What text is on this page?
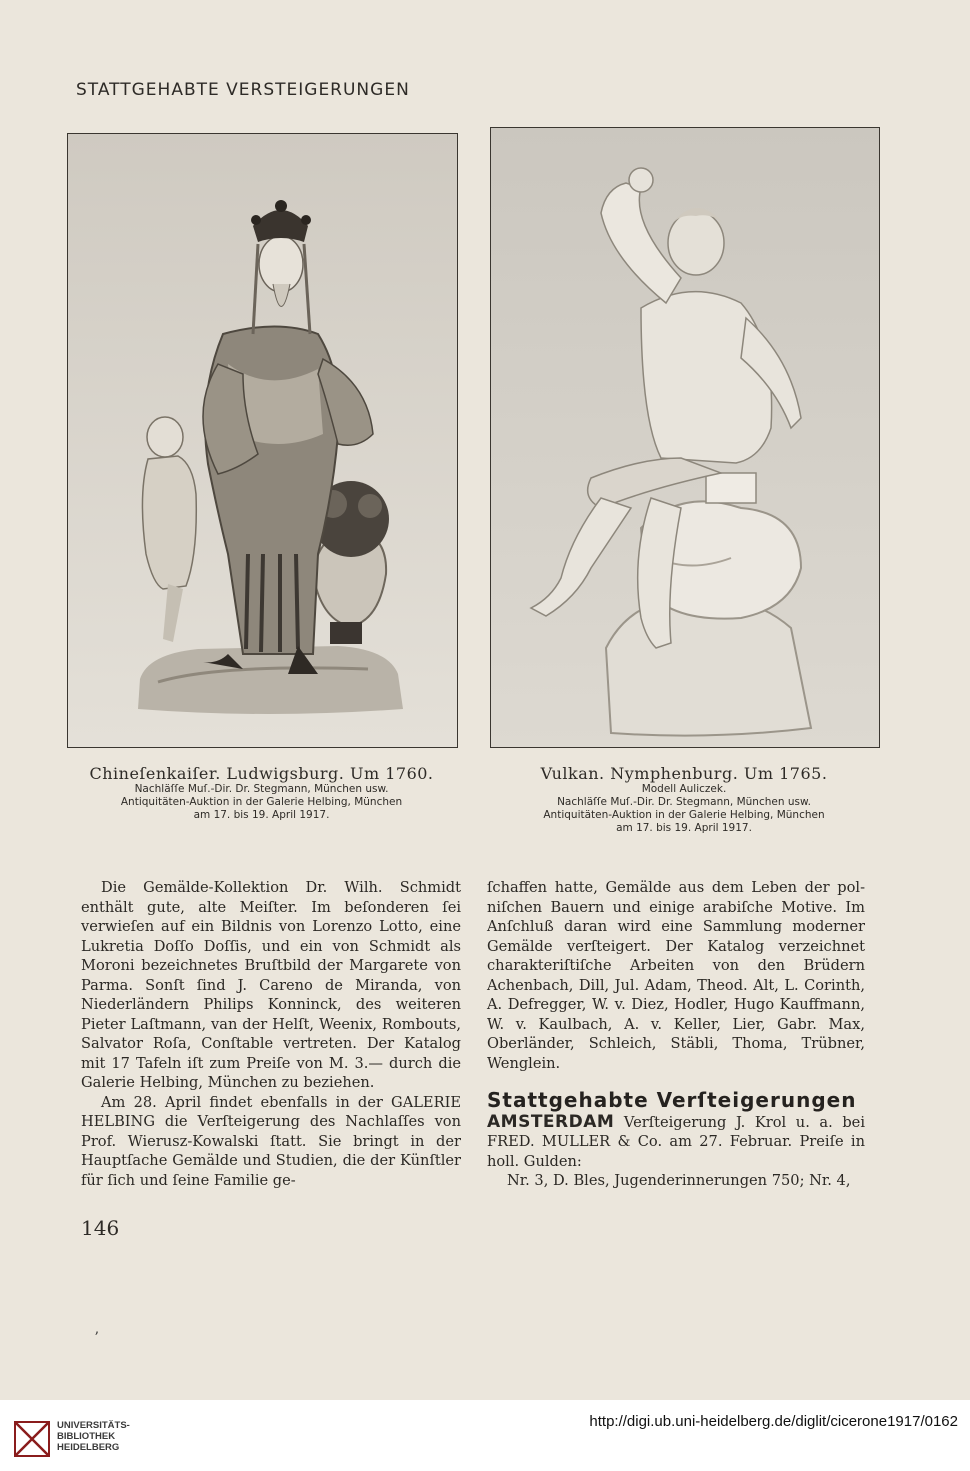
STATTGEHABTE VERSTEIGERUNGEN
Chineſenkaiſer. Ludwigsburg. Um 1760.
Nachläſſe Muſ.-Dir. Dr. Stegmann, München usw.
Antiquitäten-Auktion in der Galerie Helbing, München
am 17. bis 19. April 1917.
Vulkan. Nymphenburg. Um 1765.
Modell Auliczek.
Nachläſſe Muſ.-Dir. Dr. Stegmann, München usw.
Antiquitäten-Auktion in der Galerie Helbing, München
am 17. bis 19. April 1917.

Die Gemälde-Kollektion Dr. Wilh. Schmidt enthält gute, alte Meiſter. Im beſonderen ſei verwieſen auf ein Bildnis von Lorenzo Lotto, eine Lukretia Doſſo Doſſis, und ein von Schmidt als Moroni bezeichnetes Bruſtbild der Margarete von Parma. Sonſt ſind J. Careno de Miranda, von Niederländern Philips Konninck, des weiteren Pieter Laſtmann, van der Helſt, Weenix, Rombouts, Salvator Roſa, Conſtable vertreten. Der Katalog mit 17 Tafeln iſt zum Preiſe von M. 3.— durch die Galerie Helbing, München zu beziehen.

Am 28. April findet ebenfalls in der GALERIE HELBING die Verſteigerung des Nachlaſſes von Prof. Wierusz-Kowalski ſtatt. Sie bringt in der Hauptſache Gemälde und Studien, die der Künſtler für ſich und ſeine Familie ge-

ſchaffen hatte, Gemälde aus dem Leben der polniſchen Bauern und einige arabiſche Motive. Im Anſchluß daran wird eine Sammlung moderner Gemälde verſteigert. Der Katalog verzeichnet charakteriſtiſche Arbeiten von den Brüdern Achenbach, Dill, Jul. Adam, Theod. Alt, L. Corinth, A. Defregger, W. v. Diez, Hodler, Hugo Kauffmann, W. v. Kaulbach, A. v. Keller, Lier, Gabr. Max, Oberländer, Schleich, Stäbli, Thoma, Trübner, Wenglein.

Stattgehabte Verſteigerungen

AMSTERDAM Verſteigerung J. Krol u. a. bei FRED. MULLER & Co. am 27. Februar. Preiſe in holl. Gulden:

Nr. 3, D. Bles, Jugenderinnerungen 750; Nr. 4,

146
ʼ
UNIVERSITÄTS-
BIBLIOTHEK
HEIDELBERG
http://digi.ub.uni-heidelberg.de/diglit/cicerone1917/0162
